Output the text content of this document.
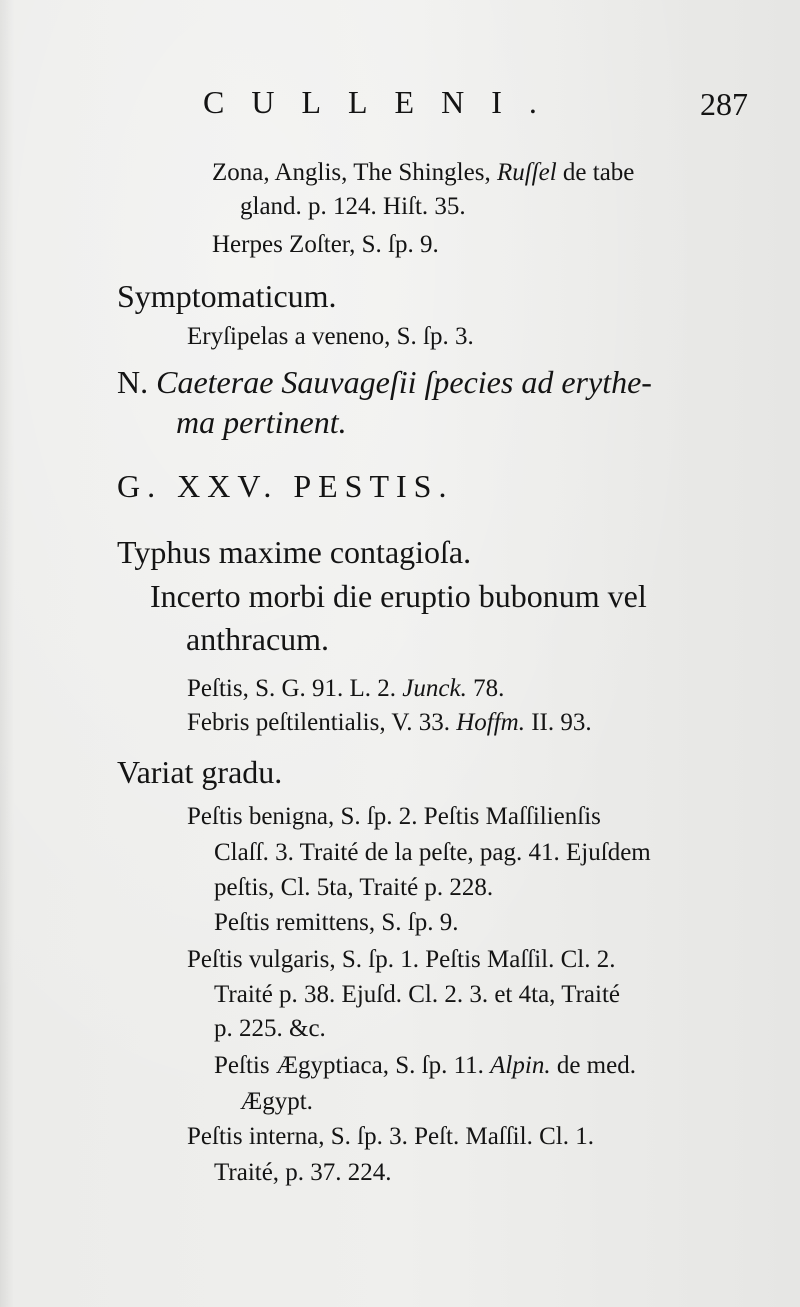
CULLENI.	287
Zona, Anglis, The Shingles, Ruſſel de tabe
gland. p. 124. Hiſt. 35.
Herpes Zoſter, S. ſp. 9.
Symptomaticum.
Eryſipelas a veneno, S. ſp. 3.
N. Caeterae Sauvageſii ſpecies ad erythe-
ma pertinent.
G. XXV. PESTIS.
Typhus maxime contagioſa.
Incerto morbi die eruptio bubonum vel
anthracum.
Peſtis, S. G. 91. L. 2. Junck. 78.
Febris peſtilentialis, V. 33. Hoffm. II. 93.
Variat gradu.
Peſtis benigna, S. ſp. 2. Peſtis Maſſilienſis
Claſſ. 3. Traité de la peſte, pag. 41. Ejuſdem
peſtis, Cl. 5ta, Traité p. 228.
Peſtis remittens, S. ſp. 9.
Peſtis vulgaris, S. ſp. 1. Peſtis Maſſil. Cl. 2.
Traité p. 38. Ejuſd. Cl. 2. 3. et 4ta, Traité
p. 225. &c.
Peſtis Ægyptiaca, S. ſp. 11. Alpin. de med.
Ægypt.
Peſtis interna, S. ſp. 3. Peſt. Maſſil. Cl. 1.
Traité, p. 37. 224.
